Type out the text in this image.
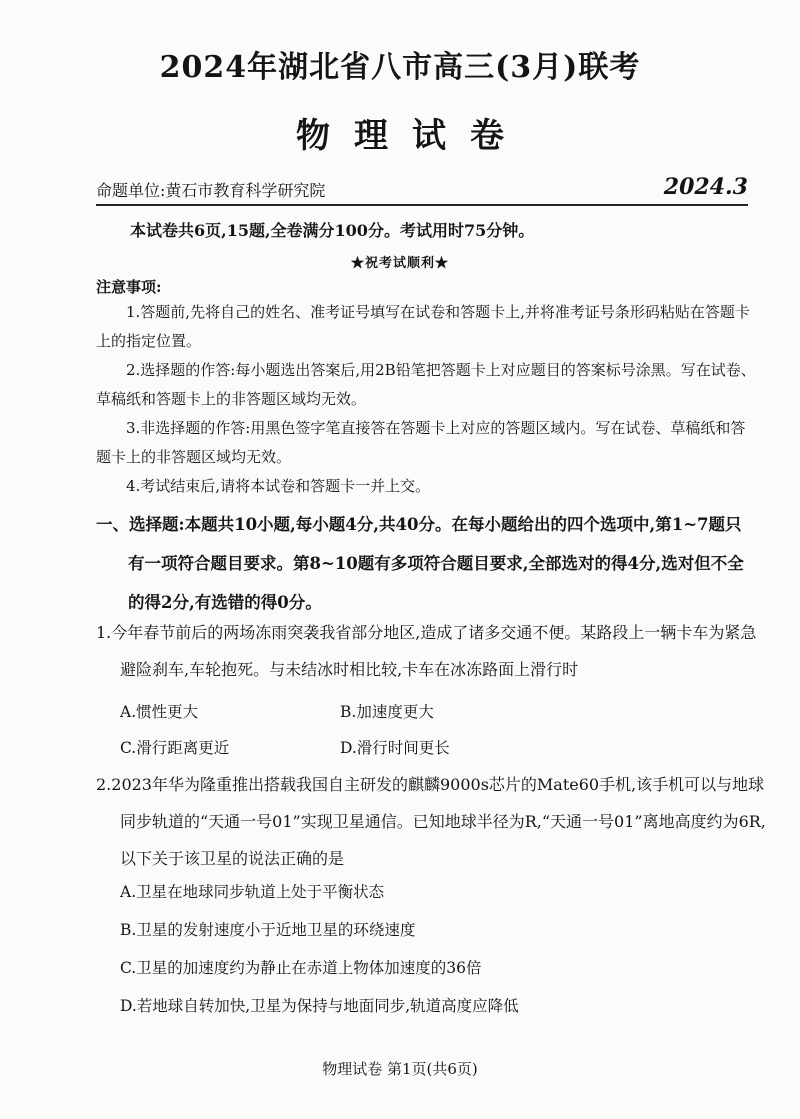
2024年湖北省八市高三(3月)联考
物理试卷
命题单位:黄石市教育科学研究院	2024.3
本试卷共6页,15题,全卷满分100分。考试用时75分钟。
★祝考试顺利★
注意事项:
1.答题前,先将自己的姓名、准考证号填写在试卷和答题卡上,并将准考证号条形码粘贴在答题卡上的指定位置。
2.选择题的作答:每小题选出答案后,用2B铅笔把答题卡上对应题目的答案标号涂黑。写在试卷、草稿纸和答题卡上的非答题区域均无效。
3.非选择题的作答:用黑色签字笔直接答在答题卡上对应的答题区域内。写在试卷、草稿纸和答题卡上的非答题区域均无效。
4.考试结束后,请将本试卷和答题卡一并上交。
一、选择题:本题共10小题,每小题4分,共40分。在每小题给出的四个选项中,第1~7题只有一项符合题目要求。第8~10题有多项符合题目要求,全部选对的得4分,选对但不全的得2分,有选错的得0分。
1.今年春节前后的两场冻雨突袭我省部分地区,造成了诸多交通不便。某路段上一辆卡车为紧急避险刹车,车轮抱死。与未结冰时相比较,卡车在冰冻路面上滑行时
A.惯性更大	B.加速度更大
C.滑行距离更近	D.滑行时间更长
2.2023年华为隆重推出搭载我国自主研发的麒麟9000s芯片的Mate60手机,该手机可以与地球同步轨道的“天通一号01”实现卫星通信。已知地球半径为R,“天通一号01”离地高度约为6R,以下关于该卫星的说法正确的是
A.卫星在地球同步轨道上处于平衡状态
B.卫星的发射速度小于近地卫星的环绕速度
C.卫星的加速度约为静止在赤道上物体加速度的36倍
D.若地球自转加快,卫星为保持与地面同步,轨道高度应降低
物理试卷 第1页(共6页)
